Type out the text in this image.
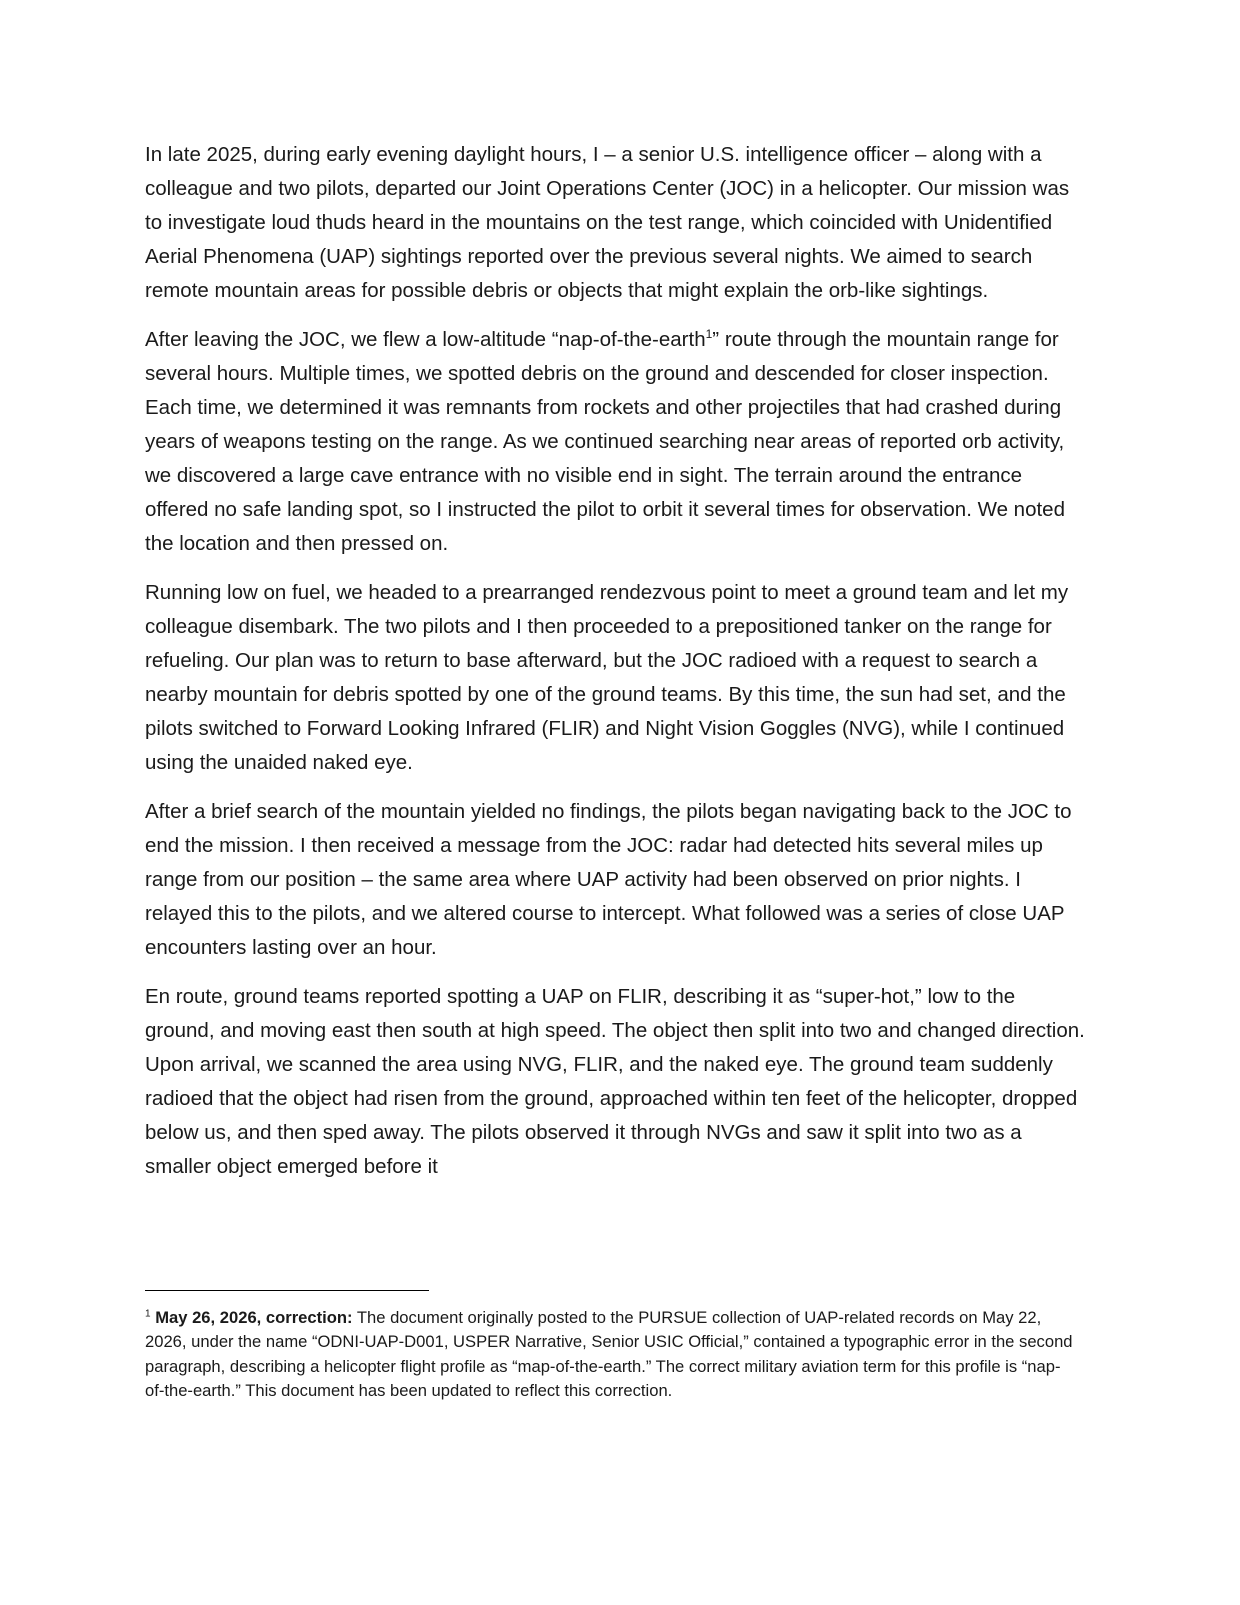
In late 2025, during early evening daylight hours, I – a senior U.S. intelligence officer – along with a colleague and two pilots, departed our Joint Operations Center (JOC) in a helicopter. Our mission was to investigate loud thuds heard in the mountains on the test range, which coincided with Unidentified Aerial Phenomena (UAP) sightings reported over the previous several nights. We aimed to search remote mountain areas for possible debris or objects that might explain the orb-like sightings.

After leaving the JOC, we flew a low-altitude “nap-of-the-earth$^1$” route through the mountain range for several hours. Multiple times, we spotted debris on the ground and descended for closer inspection. Each time, we determined it was remnants from rockets and other projectiles that had crashed during years of weapons testing on the range. As we continued searching near areas of reported orb activity, we discovered a large cave entrance with no visible end in sight. The terrain around the entrance offered no safe landing spot, so I instructed the pilot to orbit it several times for observation. We noted the location and then pressed on.

Running low on fuel, we headed to a prearranged rendezvous point to meet a ground team and let my colleague disembark. The two pilots and I then proceeded to a prepositioned tanker on the range for refueling. Our plan was to return to base afterward, but the JOC radioed with a request to search a nearby mountain for debris spotted by one of the ground teams. By this time, the sun had set, and the pilots switched to Forward Looking Infrared (FLIR) and Night Vision Goggles (NVG), while I continued using the unaided naked eye.

After a brief search of the mountain yielded no findings, the pilots began navigating back to the JOC to end the mission. I then received a message from the JOC: radar had detected hits several miles up range from our position – the same area where UAP activity had been observed on prior nights. I relayed this to the pilots, and we altered course to intercept. What followed was a series of close UAP encounters lasting over an hour.

En route, ground teams reported spotting a UAP on FLIR, describing it as “super-hot,” low to the ground, and moving east then south at high speed. The object then split into two and changed direction. Upon arrival, we scanned the area using NVG, FLIR, and the naked eye. The ground team suddenly radioed that the object had risen from the ground, approached within ten feet of the helicopter, dropped below us, and then sped away. The pilots observed it through NVGs and saw it split into two as a smaller object emerged before it

$^1$ May 26, 2026, correction: The document originally posted to the PURSUE collection of UAP-related records on May 22, 2026, under the name “ODNI-UAP-D001, USPER Narrative, Senior USIC Official,” contained a typographic error in the second paragraph, describing a helicopter flight profile as “map-of-the-earth.” The correct military aviation term for this profile is “nap-of-the-earth.” This document has been updated to reflect this correction.
